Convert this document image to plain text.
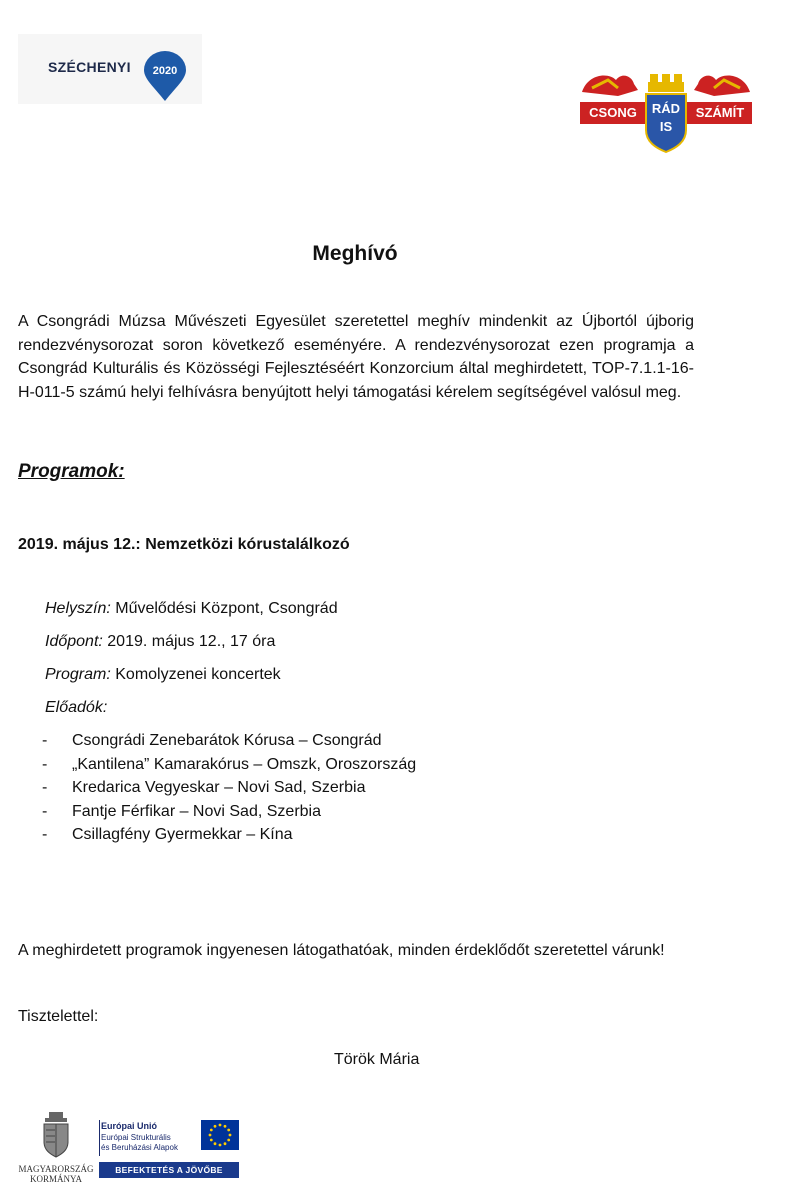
SZÉCHENYI 2020
CSONG	RÁD
IS
SZÁMÍT
Meghívó
A Csongrádi Múzsa Művészeti Egyesület szeretettel meghív mindenkit az Újbortól újborig rendezvénysorozat soron következő eseményére. A rendezvénysorozat ezen programja a Csongrád Kulturális és Közösségi Fejlesztéséért Konzorcium által meghirdetett, TOP-7.1.1-16-H-011-5 számú helyi felhívásra benyújtott helyi támogatási kérelem segítségével valósul meg.
Programok:
2019. május 12.: Nemzetközi kórustalálkozó
Helyszín: Művelődési Központ, Csongrád
Időpont: 2019. május 12., 17 óra
Program: Komolyzenei koncertek
Előadók:
- Csongrádi Zenebarátok Kórusa – Csongrád
- „Kantilena” Kamarakórus – Omszk, Oroszország
- Kredarica Vegyeskar – Novi Sad, Szerbia
- Fantje Férfikar – Novi Sad, Szerbia
- Csillagfény Gyermekkar – Kína
A meghirdetett programok ingyenesen látogathatóak, minden érdeklődőt szeretettel várunk!
Tisztelettel:
Török Mária
MAGYARORSZÁG
KORMÁNYA
Európai Unió
Európai Strukturális
és Beruházási Alapok
BEFEKTETÉS A JÖVŐBE
